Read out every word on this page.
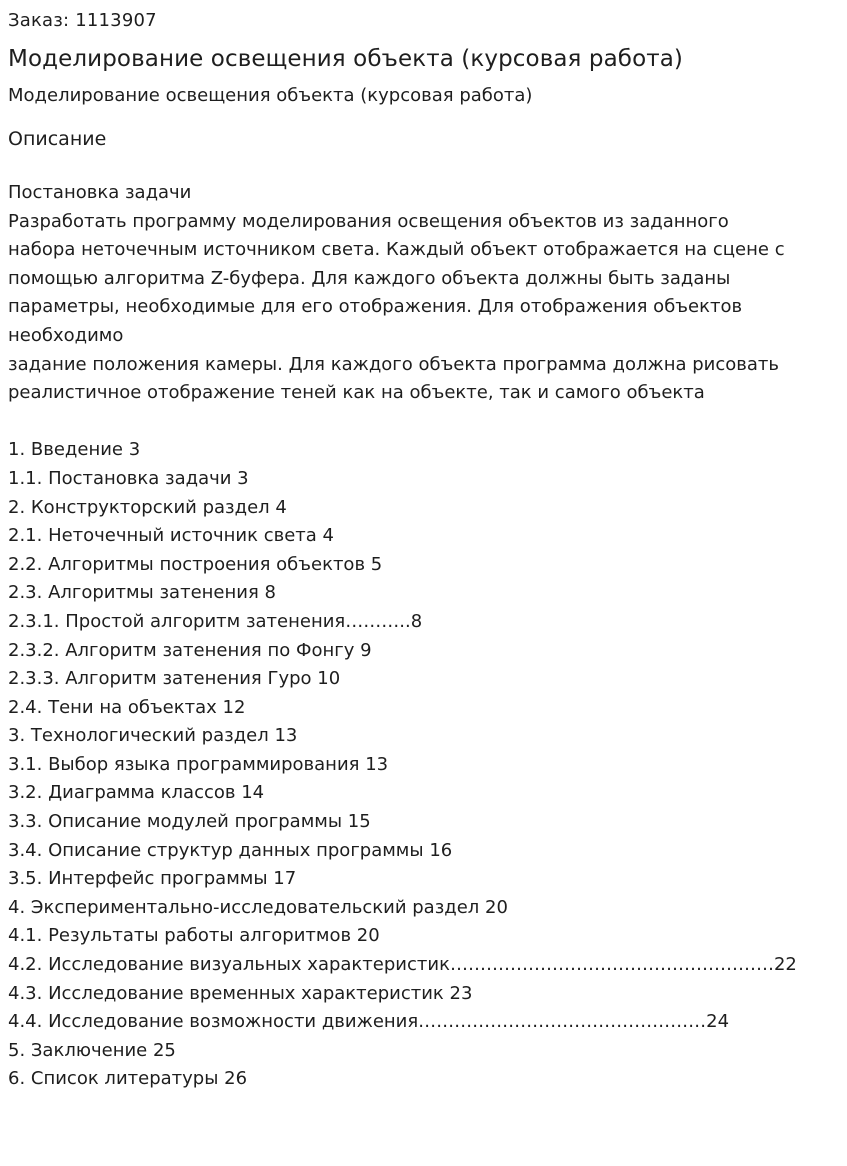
Заказ: 1113907

Моделирование освещения объекта (курсовая работа)

Моделирование освещения объекта (курсовая работа)

Описание

Постановка задачи
Разработать программу моделирования освещения объектов из заданного
набора неточечным источником света. Каждый объект отображается на сцене с
помощью алгоритма Z-буфера. Для каждого объекта должны быть заданы
параметры, необходимые для его отображения. Для отображения объектов
необходимо
задание положения камеры. Для каждого объекта программа должна рисовать
реалистичное отображение теней как на объекте, так и самого объекта
1. Введение 3
1.1. Постановка задачи 3
2. Конструкторский раздел 4
2.1. Неточечный источник света 4
2.2. Алгоритмы построения объектов 5
2.3. Алгоритмы затенения 8
2.3.1. Простой алгоритм затенения………..8
2.3.2. Алгоритм затенения по Фонгу 9
2.3.3. Алгоритм затенения Гуро 10
2.4. Тени на объектах 12
3. Технологический раздел 13
3.1. Выбор языка программирования 13
3.2. Диаграмма классов 14
3.3. Описание модулей программы 15
3.4. Описание структур данных программы 16
3.5. Интерфейс программы 17
4. Экспериментально-исследовательский раздел 20
4.1. Результаты работы алгоритмов 20
4.2. Исследование визуальных характеристик………………………………………………22
4.3. Исследование временных характеристик 23
4.4. Исследование возможности движения…………………………………………24
5. Заключение 25
6. Список литературы 26
